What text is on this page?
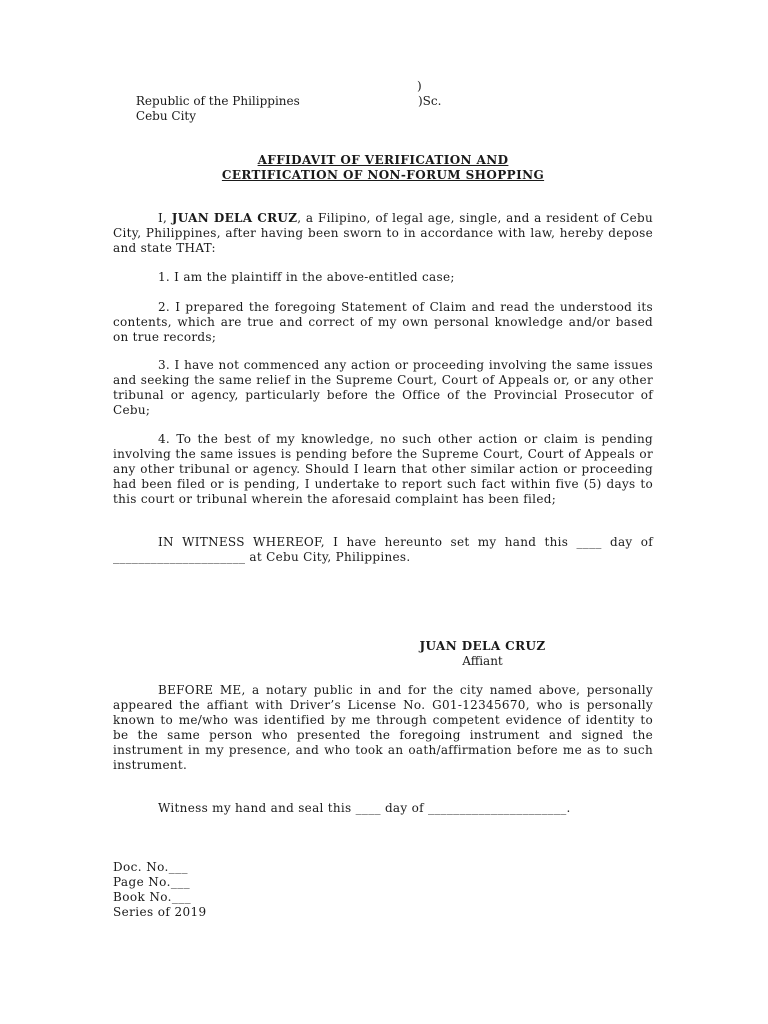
Republic of the Philippines
)

Cebu City
)Sc.

AFFIDAVIT OF VERIFICATION AND
CERTIFICATION OF NON-FORUM SHOPPING
I, JUAN DELA CRUZ, a Filipino, of legal age, single, and a resident of Cebu City, Philippines, after having been sworn to in accordance with law, hereby depose and state THAT:
1. I am the plaintiff in the above-entitled case;
2. I prepared the foregoing Statement of Claim and read the understood its contents, which are true and correct of my own personal knowledge and/or based on true records;
3. I have not commenced any action or proceeding involving the same issues and seeking the same relief in the Supreme Court, Court of Appeals or, or any other tribunal or agency, particularly before the Office of the Provincial Prosecutor of Cebu;
4. To the best of my knowledge, no such other action or claim is pending involving the same issues is pending before the Supreme Court, Court of Appeals or any other tribunal or agency. Should I learn that other similar action or proceeding had been filed or is pending, I undertake to report such fact within five (5) days to this court or tribunal wherein the aforesaid complaint has been filed;
IN WITNESS WHEREOF, I have hereunto set my hand this ____ day of _____________________ at Cebu City, Philippines.
JUAN DELA CRUZ
Affiant
BEFORE ME, a notary public in and for the city named above, personally appeared the affiant with Driver’s License No. G01-12345670, who is personally known to me/who was identified by me through competent evidence of identity to be the same person who presented the foregoing instrument and signed the instrument in my presence, and who took an oath/affirmation before me as to such instrument.
Witness my hand and seal this ____ day of ______________________.
Doc. No.___
Page No.___
Book No.___
Series of 2019
